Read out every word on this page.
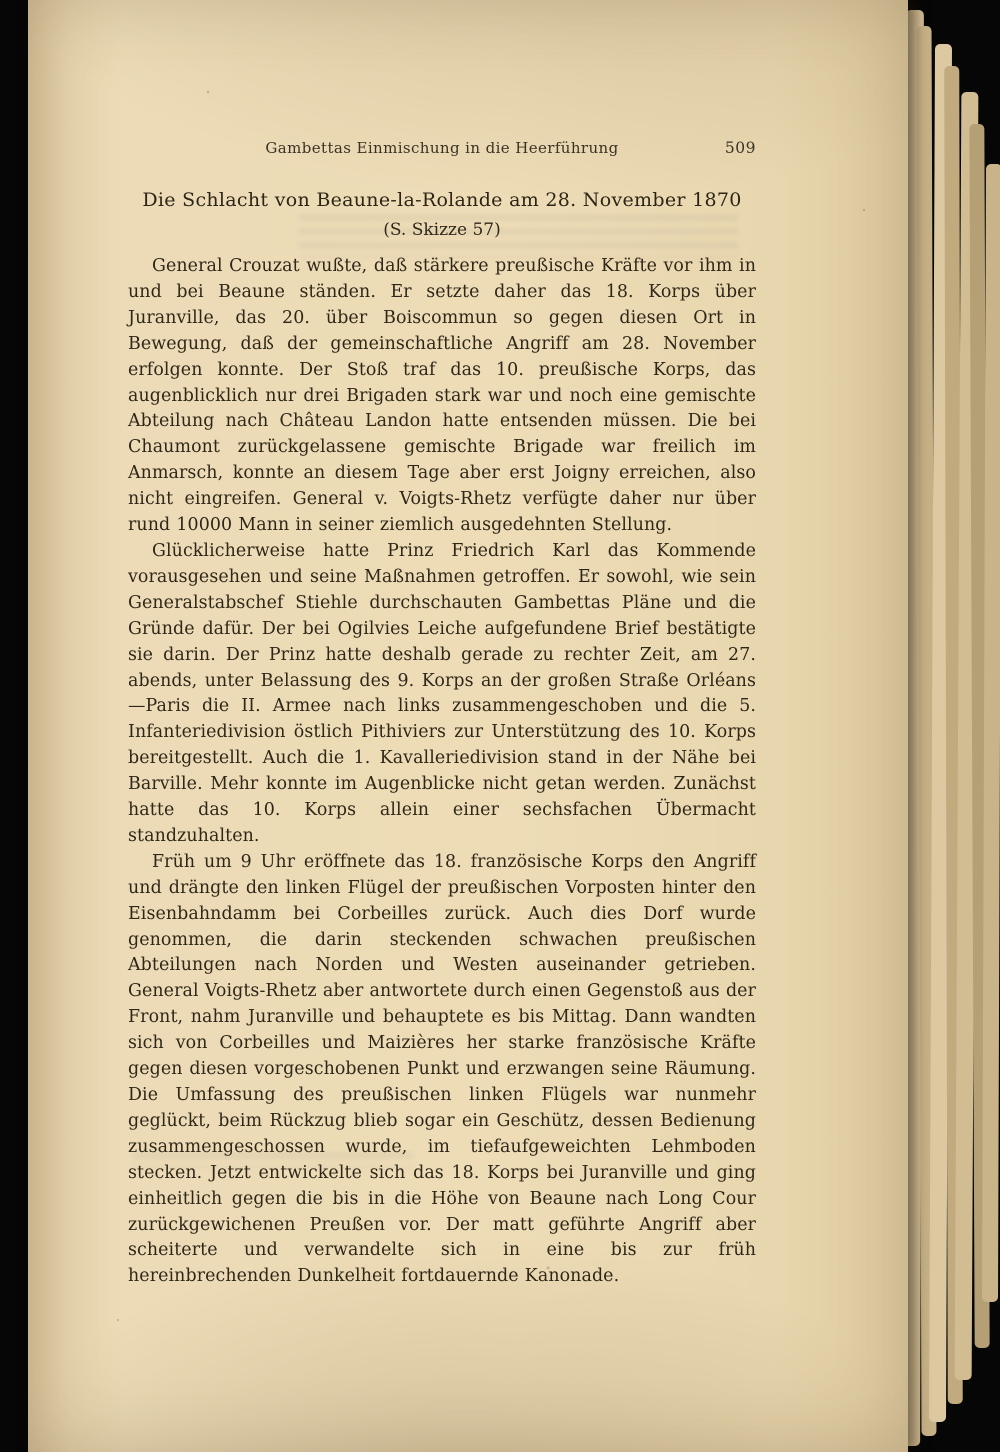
Gambettas Einmischung in die Heerführung	509
Die Schlacht von Beaune-la-Rolande am 28. November 1870
(S. Skizze 57)

General Crouzat wußte, daß stärkere preußische Kräfte vor ihm in und bei Beaune ständen. Er setzte daher das 18. Korps über Juranville, das 20. über Boiscommun so gegen diesen Ort in Bewegung, daß der gemeinschaftliche Angriff am 28. November erfolgen konnte. Der Stoß traf das 10. preußische Korps, das augenblicklich nur drei Brigaden stark war und noch eine gemischte Abteilung nach Château Landon hatte entsenden müssen. Die bei Chaumont zurückgelassene gemischte Brigade war freilich im Anmarsch, konnte an diesem Tage aber erst Joigny erreichen, also nicht eingreifen. General v. Voigts-Rhetz verfügte daher nur über rund 10000 Mann in seiner ziemlich ausgedehnten Stellung.

Glücklicherweise hatte Prinz Friedrich Karl das Kommende vorausgesehen und seine Maßnahmen getroffen. Er sowohl, wie sein Generalstabschef Stiehle durchschauten Gambettas Pläne und die Gründe dafür. Der bei Ogilvies Leiche aufgefundene Brief bestätigte sie darin. Der Prinz hatte deshalb gerade zu rechter Zeit, am 27. abends, unter Belassung des 9. Korps an der großen Straße Orléans—Paris die II. Armee nach links zusammengeschoben und die 5. Infanteriedivision östlich Pithiviers zur Unterstützung des 10. Korps bereitgestellt. Auch die 1. Kavalleriedivision stand in der Nähe bei Barville. Mehr konnte im Augenblicke nicht getan werden. Zunächst hatte das 10. Korps allein einer sechsfachen Übermacht standzuhalten.

Früh um 9 Uhr eröffnete das 18. französische Korps den Angriff und drängte den linken Flügel der preußischen Vorposten hinter den Eisenbahndamm bei Corbeilles zurück. Auch dies Dorf wurde genommen, die darin steckenden schwachen preußischen Abteilungen nach Norden und Westen auseinander getrieben. General Voigts-Rhetz aber antwortete durch einen Gegenstoß aus der Front, nahm Juranville und behauptete es bis Mittag. Dann wandten sich von Corbeilles und Maizières her starke französische Kräfte gegen diesen vorgeschobenen Punkt und erzwangen seine Räumung. Die Umfassung des preußischen linken Flügels war nunmehr geglückt, beim Rückzug blieb sogar ein Geschütz, dessen Bedienung zusammengeschossen wurde, im tiefaufgeweichten Lehmboden stecken. Jetzt entwickelte sich das 18. Korps bei Juranville und ging einheitlich gegen die bis in die Höhe von Beaune nach Long Cour zurückgewichenen Preußen vor. Der matt geführte Angriff aber scheiterte und verwandelte sich in eine bis zur früh hereinbrechenden Dunkelheit fortdauernde Kanonade.
